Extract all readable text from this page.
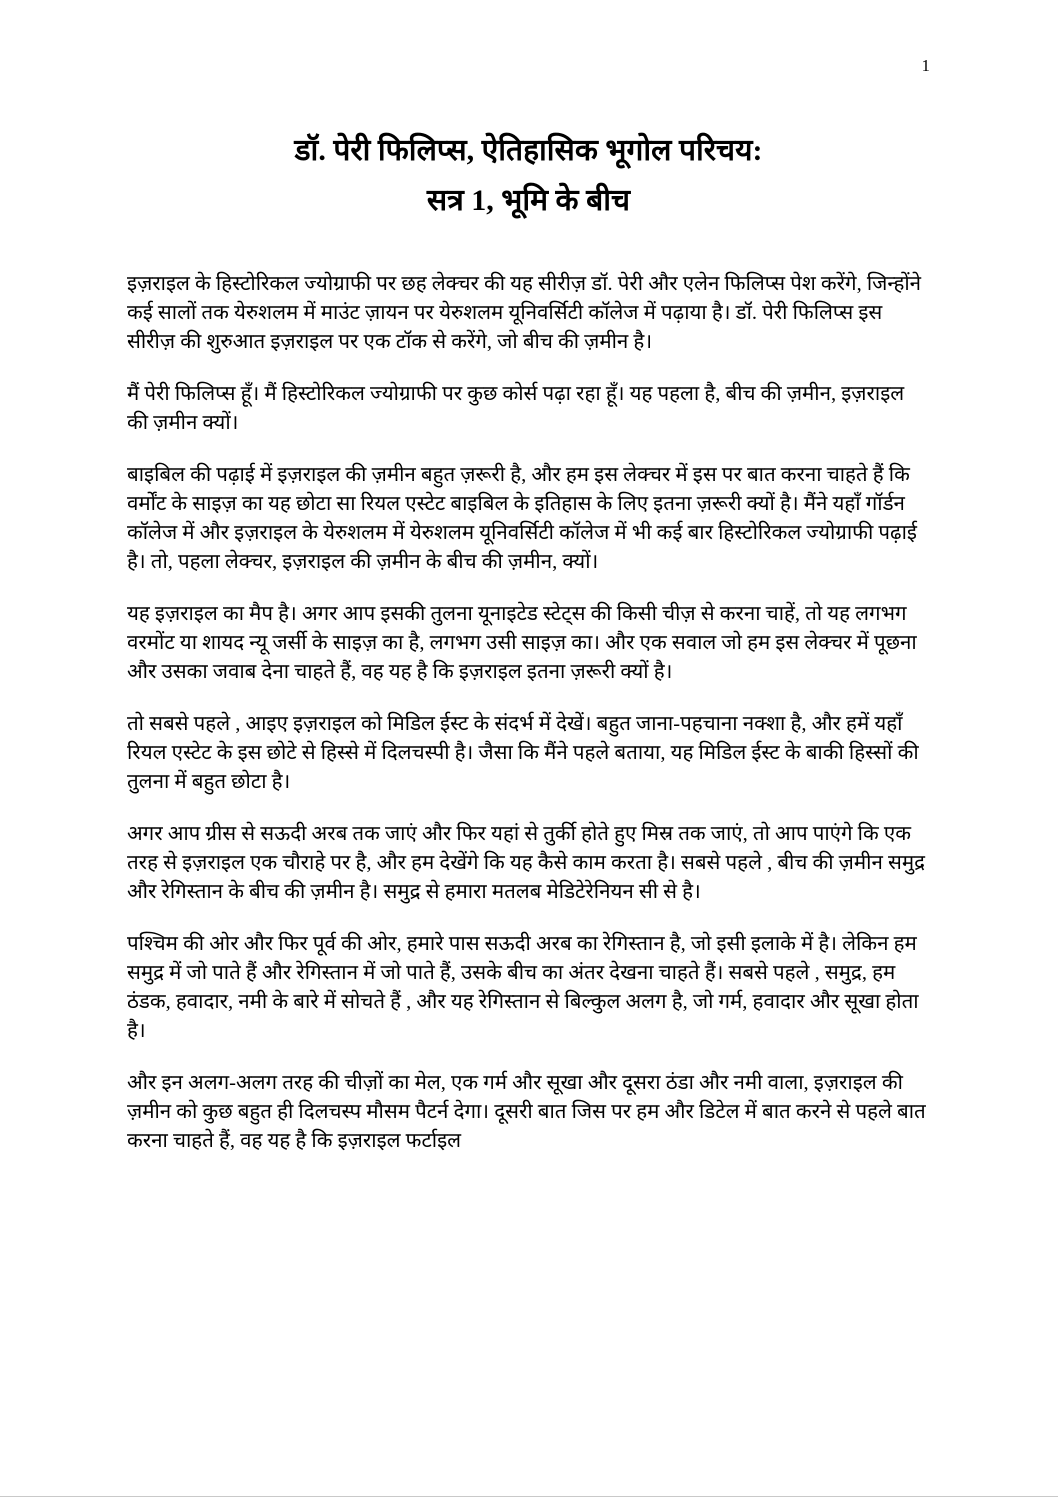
1
डॉ. पेरी फिलिप्स, ऐतिहासिक भूगोल परिचय:
सत्र 1, भूमि के बीच

इज़राइल के हिस्टोरिकल ज्योग्राफी पर छह लेक्चर की यह सीरीज़ डॉ. पेरी और एलेन फिलिप्स पेश करेंगे, जिन्होंने कई सालों तक येरुशलम में माउंट ज़ायन पर येरुशलम यूनिवर्सिटी कॉलेज में पढ़ाया है। डॉ. पेरी फिलिप्स इस सीरीज़ की शुरुआत इज़राइल पर एक टॉक से करेंगे, जो बीच की ज़मीन है।

मैं पेरी फिलिप्स हूँ। मैं हिस्टोरिकल ज्योग्राफी पर कुछ कोर्स पढ़ा रहा हूँ। यह पहला है, बीच की ज़मीन, इज़राइल की ज़मीन क्यों।

बाइबिल की पढ़ाई में इज़राइल की ज़मीन बहुत ज़रूरी है, और हम इस लेक्चर में इस पर बात करना चाहते हैं कि वर्मोंट के साइज़ का यह छोटा सा रियल एस्टेट बाइबिल के इतिहास के लिए इतना ज़रूरी क्यों है। मैंने यहाँ गॉर्डन कॉलेज में और इज़राइल के येरुशलम में येरुशलम यूनिवर्सिटी कॉलेज में भी कई बार हिस्टोरिकल ज्योग्राफी पढ़ाई है। तो, पहला लेक्चर, इज़राइल की ज़मीन के बीच की ज़मीन, क्यों।

यह इज़राइल का मैप है। अगर आप इसकी तुलना यूनाइटेड स्टेट्स की किसी चीज़ से करना चाहें, तो यह लगभग वरमोंट या शायद न्यू जर्सी के साइज़ का है, लगभग उसी साइज़ का। और एक सवाल जो हम इस लेक्चर में पूछना और उसका जवाब देना चाहते हैं, वह यह है कि इज़राइल इतना ज़रूरी क्यों है।

तो सबसे पहले , आइए इज़राइल को मिडिल ईस्ट के संदर्भ में देखें। बहुत जाना-पहचाना नक्शा है, और हमें यहाँ रियल एस्टेट के इस छोटे से हिस्से में दिलचस्पी है। जैसा कि मैंने पहले बताया, यह मिडिल ईस्ट के बाकी हिस्सों की तुलना में बहुत छोटा है।

अगर आप ग्रीस से सऊदी अरब तक जाएं और फिर यहां से तुर्की होते हुए मिस्र तक जाएं, तो आप पाएंगे कि एक तरह से इज़राइल एक चौराहे पर है, और हम देखेंगे कि यह कैसे काम करता है। सबसे पहले , बीच की ज़मीन समुद्र और रेगिस्तान के बीच की ज़मीन है। समुद्र से हमारा मतलब मेडिटेरेनियन सी से है।

पश्चिम की ओर और फिर पूर्व की ओर, हमारे पास सऊदी अरब का रेगिस्तान है, जो इसी इलाके में है। लेकिन हम समुद्र में जो पाते हैं और रेगिस्तान में जो पाते हैं, उसके बीच का अंतर देखना चाहते हैं। सबसे पहले , समुद्र, हम ठंडक, हवादार, नमी के बारे में सोचते हैं , और यह रेगिस्तान से बिल्कुल अलग है, जो गर्म, हवादार और सूखा होता है।

और इन अलग-अलग तरह की चीज़ों का मेल, एक गर्म और सूखा और दूसरा ठंडा और नमी वाला, इज़राइल की ज़मीन को कुछ बहुत ही दिलचस्प मौसम पैटर्न देगा। दूसरी बात जिस पर हम और डिटेल में बात करने से पहले बात करना चाहते हैं, वह यह है कि इज़राइल फर्टाइल
